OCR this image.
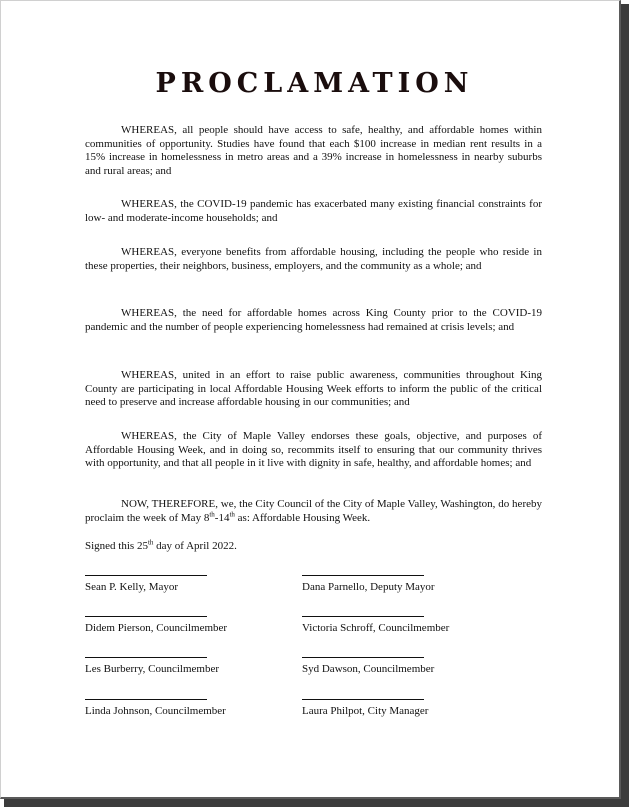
PROCLAMATION

WHEREAS, all people should have access to safe, healthy, and affordable homes within communities of opportunity. Studies have found that each $100 increase in median rent results in a 15% increase in homelessness in metro areas and a 39% increase in homelessness in nearby suburbs and rural areas; and

WHEREAS, the COVID-19 pandemic has exacerbated many existing financial constraints for low- and moderate-income households; and

WHEREAS, everyone benefits from affordable housing, including the people who reside in these properties, their neighbors, business, employers, and the community as a whole; and

WHEREAS, the need for affordable homes across King County prior to the COVID-19 pandemic and the number of people experiencing homelessness had remained at crisis levels; and

WHEREAS, united in an effort to raise public awareness, communities throughout King County are participating in local Affordable Housing Week efforts to inform the public of the critical need to preserve and increase affordable housing in our communities; and

WHEREAS, the City of Maple Valley endorses these goals, objective, and purposes of Affordable Housing Week, and in doing so, recommits itself to ensuring that our community thrives with opportunity, and that all people in it live with dignity in safe, healthy, and affordable homes; and

NOW, THEREFORE, we, the City Council of the City of Maple Valley, Washington, do hereby proclaim the week of May 8th-14th as: Affordable Housing Week.

Signed this 25th day of April 2022.

Sean P. Kelly, Mayor	Dana Parnello, Deputy Mayor
Didem Pierson, Councilmember	Victoria Schroff, Councilmember
Les Burberry, Councilmember	Syd Dawson, Councilmember
Linda Johnson, Councilmember	Laura Philpot, City Manager
